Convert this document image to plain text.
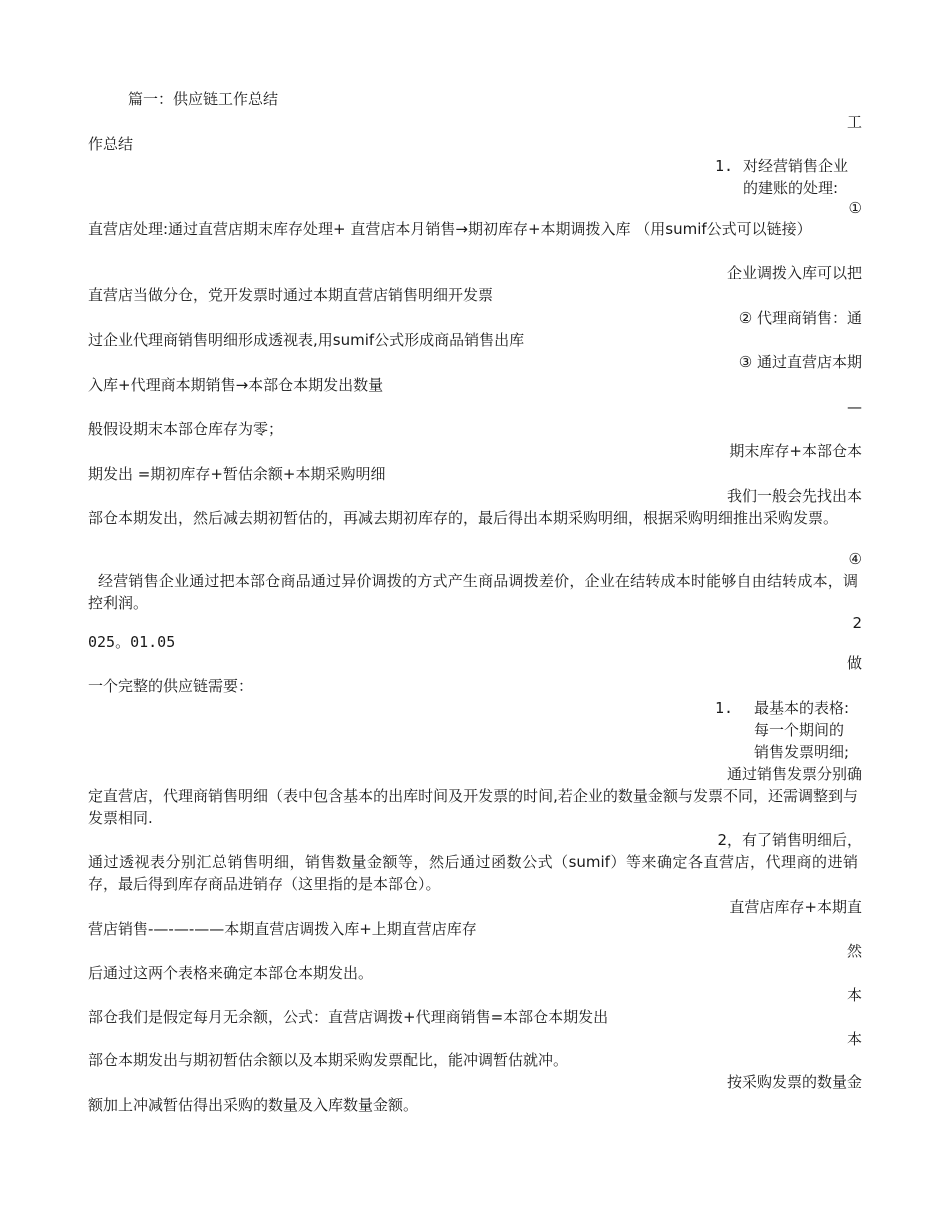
篇一：供应链工作总结
工
作总结
1. 对经营销售企业
的建账的处理:
①
直营店处理:通过直营店期末库存处理+ 直营店本月销售→期初库存+本期调拨入库 （用sumif公式可以链接）
企业调拨入库可以把
直营店当做分仓，党开发票时通过本期直营店销售明细开发票
② 代理商销售：通
过企业代理商销售明细形成透视表,用sumif公式形成商品销售出库
③ 通过直营店本期
入库+代理商本期销售→本部仓本期发出数量
—
般假设期末本部仓库存为零；
期末库存+本部仓本
期发出 =期初库存+暂估余额+本期采购明细
我们一般会先找出本
部仓本期发出，然后减去期初暂估的，再减去期初库存的，最后得出本期采购明细，根据采购明细推出采购发票。
④
经营销售企业通过把本部仓商品通过异价调拨的方式产生商品调拨差价，企业在结转成本时能够自由结转成本，调控利润。
2
025。01.05
做
一个完整的供应链需要：
1. 最基本的表格:
每一个期间的
销售发票明细;
通过销售发票分别确
定直营店，代理商销售明细（表中包含基本的出库时间及开发票的时间,若企业的数量金额与发票不同，还需调整到与发票相同.
2，有了销售明细后，
通过透视表分别汇总销售明细，销售数量金额等，然后通过函数公式（sumif）等来确定各直营店，代理商的进销存，最后得到库存商品进销存（这里指的是本部仓）。
直营店库存+本期直
营店销售-—-—-——本期直营店调拨入库+上期直营店库存
然
后通过这两个表格来确定本部仓本期发出。
本
部仓我们是假定每月无余额，公式：直营店调拨+代理商销售=本部仓本期发出
本
部仓本期发出与期初暂估余额以及本期采购发票配比，能冲调暂估就冲。
按采购发票的数量金
额加上冲减暂估得出采购的数量及入库数量金额。
